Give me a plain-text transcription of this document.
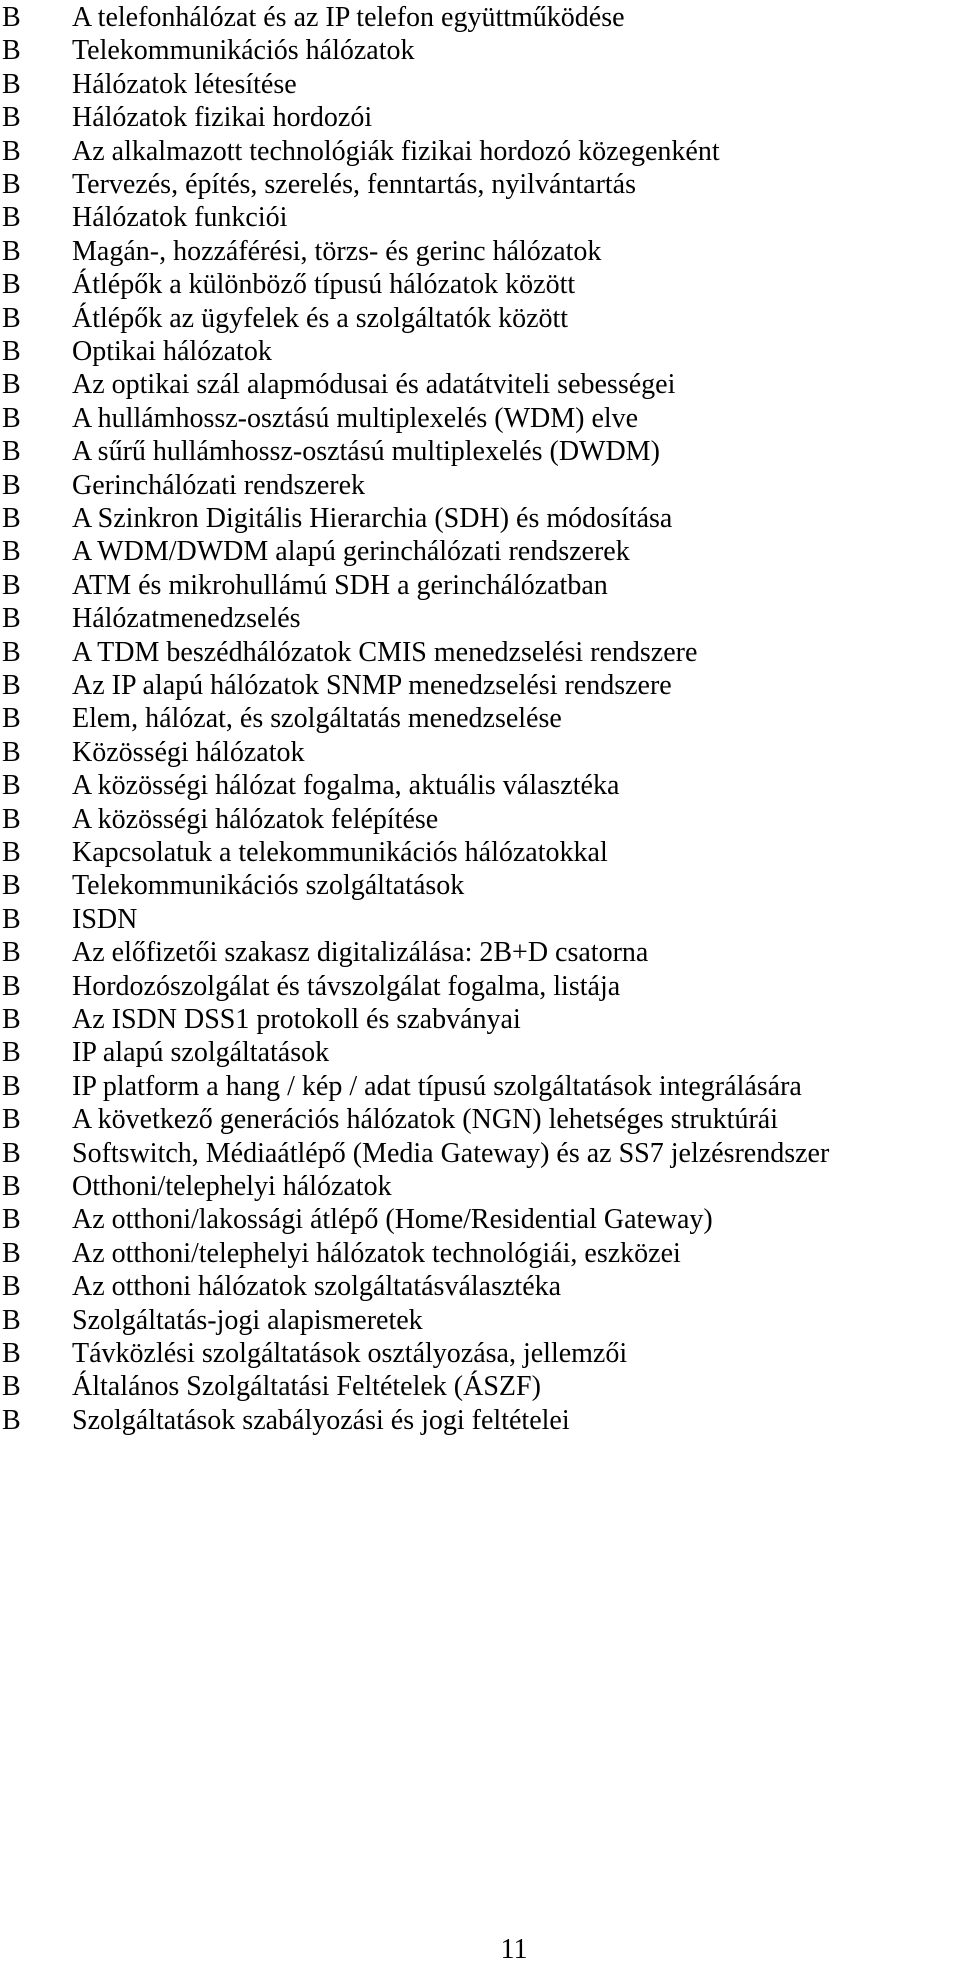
B	A telefonhálózat és az IP telefon együttműködése
B	Telekommunikációs hálózatok
B	Hálózatok létesítése
B	Hálózatok fizikai hordozói
B	Az alkalmazott technológiák fizikai hordozó közegenként
B	Tervezés, építés, szerelés, fenntartás, nyilvántartás
B	Hálózatok funkciói
B	Magán-, hozzáférési, törzs- és gerinc hálózatok
B	Átlépők a különböző típusú hálózatok között
B	Átlépők az ügyfelek és a szolgáltatók között
B	Optikai hálózatok
B	Az optikai szál alapmódusai és adatátviteli sebességei
B	A hullámhossz-osztású multiplexelés (WDM) elve
B	A sűrű hullámhossz-osztású multiplexelés (DWDM)
B	Gerinchálózati rendszerek
B	A Szinkron Digitális Hierarchia (SDH) és módosítása
B	A WDM/DWDM alapú gerinchálózati rendszerek
B	ATM és mikrohullámú SDH a gerinchálózatban
B	Hálózatmenedzselés
B	A TDM beszédhálózatok CMIS menedzselési rendszere
B	Az IP alapú hálózatok SNMP menedzselési rendszere
B	Elem, hálózat, és szolgáltatás menedzselése
B	Közösségi hálózatok
B	A közösségi hálózat fogalma, aktuális választéka
B	A közösségi hálózatok felépítése
B	Kapcsolatuk a telekommunikációs hálózatokkal
B	Telekommunikációs szolgáltatások
B	ISDN
B	Az előfizetői szakasz digitalizálása: 2B+D csatorna
B	Hordozószolgálat és távszolgálat fogalma, listája
B	Az ISDN DSS1 protokoll és szabványai
B	IP alapú szolgáltatások
B	IP platform a hang / kép / adat típusú szolgáltatások integrálására
B	A következő generációs hálózatok (NGN) lehetséges struktúrái
B	Softswitch, Médiaátlépő (Media Gateway) és az SS7 jelzésrendszer
B	Otthoni/telephelyi hálózatok
B	Az otthoni/lakossági átlépő (Home/Residential Gateway)
B	Az otthoni/telephelyi hálózatok technológiái, eszközei
B	Az otthoni hálózatok szolgáltatásválasztéka
B	Szolgáltatás-jogi alapismeretek
B	Távközlési szolgáltatások osztályozása, jellemzői
B	Általános Szolgáltatási Feltételek (ÁSZF)
B	Szolgáltatások szabályozási és jogi feltételei
11
